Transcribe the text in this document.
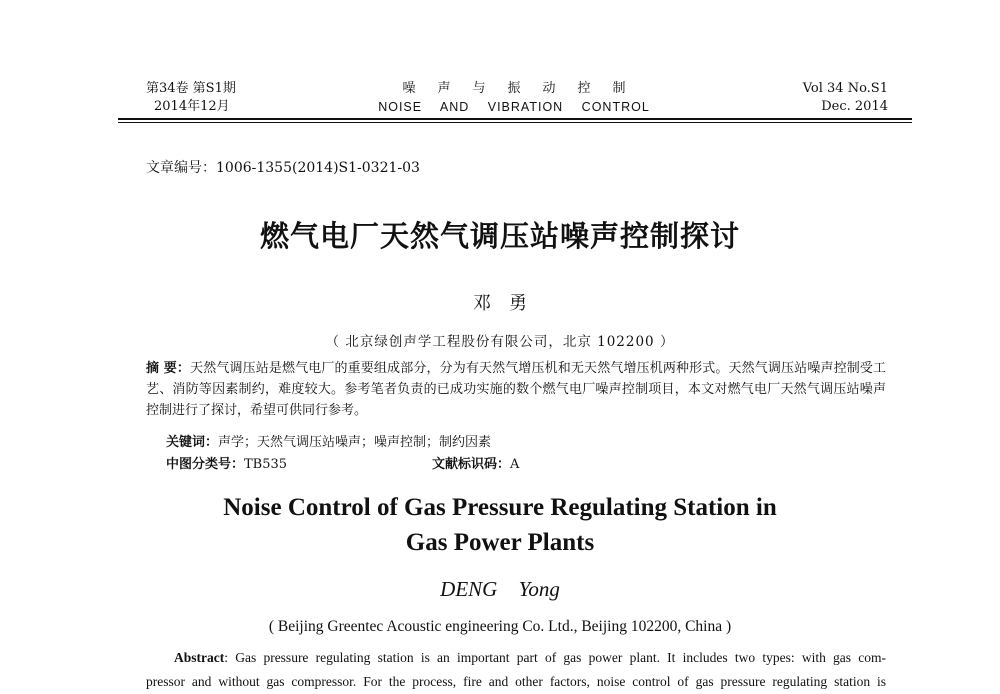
第34卷 第S1期
2014年12月
噪声与振动控制
NOISE AND VIBRATION CONTROL
Vol 34 No.S1
Dec. 2014
文章编号：1006-1355(2014)S1-0321-03
燃气电厂天然气调压站噪声控制探讨
邓勇
（ 北京绿创声学工程股份有限公司，北京 102200 ）
摘 要：天然气调压站是燃气电厂的重要组成部分，分为有天然气增压机和无天然气增压机两种形式。天然气调压站噪声控制受工艺、消防等因素制约，难度较大。参考笔者负责的已成功实施的数个燃气电厂噪声控制项目，本文对燃气电厂天然气调压站噪声控制进行了探讨，希望可供同行参考。
关键词：声学；天然气调压站噪声；噪声控制；制约因素
中图分类号：TB535	文献标识码：A
Noise Control of Gas Pressure Regulating Station in
Gas Power Plants
DENG Yong
( Beijing Greentec Acoustic engineering Co. Ltd., Beijing 102200, China )
Abstract: Gas pressure regulating station is an important part of gas power plant. It includes two types: with gas com-
pressor and without gas compressor. For the process, fire and other factors, noise control of gas pressure regulating station is
